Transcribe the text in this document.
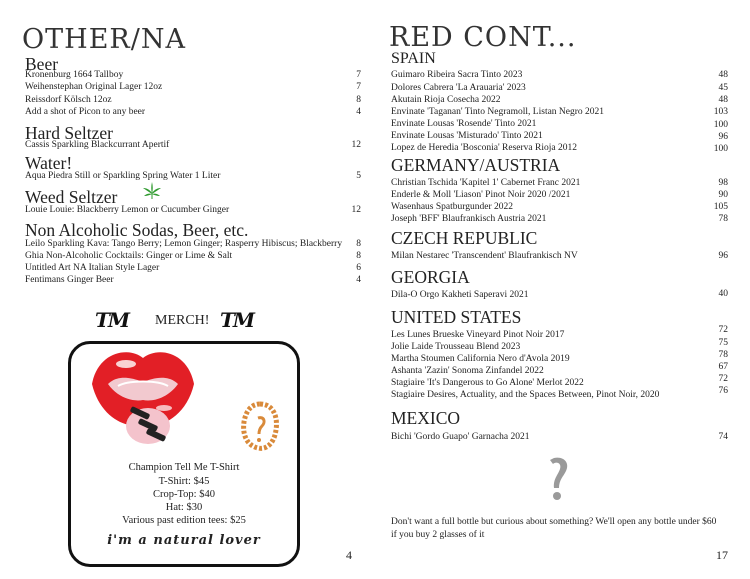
OTHER/NA
Beer
Kronenburg 1664 Tallboy	7
Weihenstephan Original Lager 12oz	7
Reissdorf Kölsch 12oz	8
Add a shot of Picon to any beer	4
Hard Seltzer
Cassis Sparkling Blackcurrant Apertif	12
Water!
Aqua Piedra Still or Sparkling Spring Water 1 Liter	5
Weed Seltzer
Louie Louie: Blackberry Lemon or Cucumber Ginger	12
Non Alcoholic Sodas, Beer, etc.
Leilo Sparkling Kava: Tango Berry; Lemon Ginger; Rasperry Hibiscus; Blackberry	8
Ghia Non-Alcoholic Cocktails: Ginger or Lime & Salt	8
Untitled Art NA Italian Style Lager	6
Fentimans Ginger Beer	4
TM MERCH! TM
Champion Tell Me T-Shirt
T-Shirt: $45
Crop-Top: $40
Hat: $30
Various past edition tees: $25
i'm a natural lover
4
RED CONT...
SPAIN
Guimaro Ribeira Sacra Tinto 2023	48
Dolores Cabrera 'La Arauaria' 2023	45
Akutain Rioja Cosecha 2022	48
Envinate 'Taganan' Tinto Negramoll, Listan Negro 2021	103
Envinate Lousas 'Rosende' Tinto 2021	100
Envinate Lousas 'Misturado' Tinto 2021	96
Lopez de Heredia 'Bosconia' Reserva Rioja 2012	100
GERMANY/AUSTRIA
Christian Tschida 'Kapitel 1' Cabernet Franc 2021	98
Enderle & Moll 'Liason' Pinot Noir 2020 /2021	90
Wasenhaus Spatburgunder 2022	105
Joseph 'BFF' Blaufrankisch Austria 2021	78
CZECH REPUBLIC
Milan Nestarec 'Transcendent' Blaufrankisch NV	96
GEORGIA
Dila-O Orgo Kakheti Saperavi 2021	40
UNITED STATES
Les Lunes Brueske Vineyard Pinot Noir 2017	72
Jolie Laide Trousseau Blend 2023	75
Martha Stoumen California Nero d'Avola 2019	78
Ashanta 'Zazin' Sonoma Zinfandel 2022	67
Stagiaire 'It's Dangerous to Go Alone' Merlot 2022	72
Stagiaire Desires, Actuality, and the Spaces Between, Pinot Noir, 2020	76
MEXICO
Bichi 'Gordo Guapo' Garnacha 2021	74
Don't want a full bottle but curious about something? We'll open any bottle under $60 if you buy 2 glasses of it
17
